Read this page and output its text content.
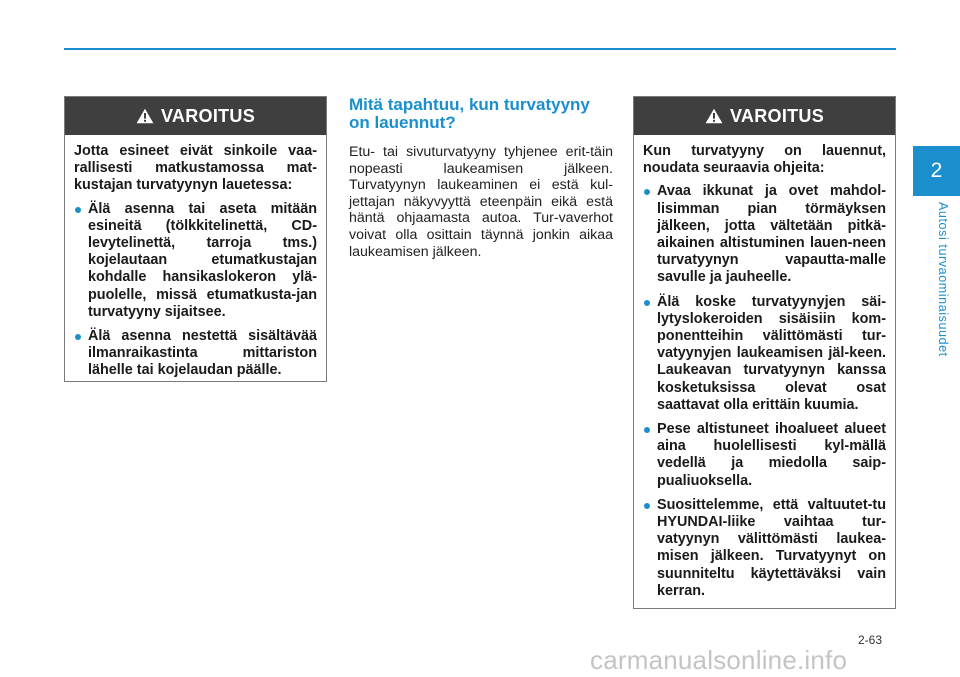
VAROITUS

Jotta esineet eivät sinkoile vaa-rallisesti matkustamossa mat-kustajan turvatyynyn lauetessa:

Älä asenna tai aseta mitään esineitä (tölkkitelinettä, CD-levytelinettä, tarroja tms.) kojelautaan etumatkustajan kohdalle hansikaslokeron ylä-puolelle, missä etumatkusta-jan turvatyyny sijaitsee.
Älä asenna nestettä sisältävää ilmanraikastinta mittariston lähelle tai kojelaudan päälle.
Mitä tapahtuu, kun turvatyyny on lauennut?

Etu- tai sivuturvatyyny tyhjenee erit-täin nopeasti laukeamisen jälkeen. Turvatyynyn laukeaminen ei estä kul-jettajan näkyvyyttä eteenpäin eikä estä häntä ohjaamasta autoa. Tur-vaverhot voivat olla osittain täynnä jonkin aikaa laukeamisen jälkeen.

VAROITUS

Kun turvatyyny on lauennut, noudata seuraavia ohjeita:

Avaa ikkunat ja ovet mahdol-lisimman pian törmäyksen jälkeen, jotta vältetään pitkä-aikainen altistuminen lauen-neen turvatyynyn vapautta-malle savulle ja jauheelle.
Älä koske turvatyynyjen säi-lytyslokeroiden sisäisiin kom-ponentteihin välittömästi tur-vatyynyjen laukeamisen jäl-keen. Laukeavan turvatyynyn kanssa kosketuksissa olevat osat saattavat olla erittäin kuumia.
Pese altistuneet ihoalueet alueet aina huolellisesti kyl-mällä vedellä ja miedolla saip-pualiuoksella.
Suosittelemme, että valtuutet-tu HYUNDAI-liike vaihtaa tur-vatyynyn välittömästi laukea-misen jälkeen. Turvatyynyt on suunniteltu käytettäväksi vain kerran.
2
Autosi turvaominaisuudet
2-63
carmanualsonline.info
